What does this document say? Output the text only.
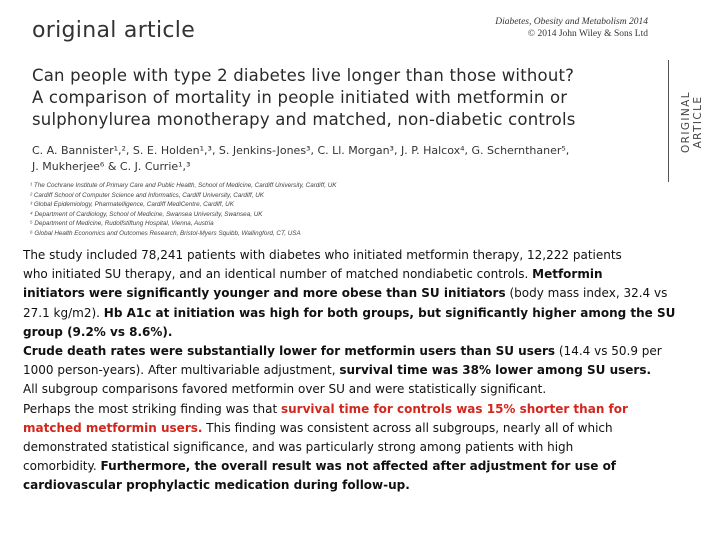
original article	Diabetes, Obesity and Metabolism 2014
© 2014 John Wiley & Sons Ltd
ORIGINAL ARTICLE
Can people with type 2 diabetes live longer than those without?
A comparison of mortality in people initiated with metformin or
sulphonylurea monotherapy and matched, non-diabetic controls
C. A. Bannister¹,², S. E. Holden¹,³, S. Jenkins-Jones³, C. Ll. Morgan³, J. P. Halcox⁴, G. Schernthaner⁵,
J. Mukherjee⁶ & C. J. Currie¹,³
¹ The Cochrane Institute of Primary Care and Public Health, School of Medicine, Cardiff University, Cardiff, UK
² Cardiff School of Computer Science and Informatics, Cardiff University, Cardiff, UK
³ Global Epidemiology, Pharmatelligence, Cardiff MediCentre, Cardiff, UK
⁴ Department of Cardiology, School of Medicine, Swansea University, Swansea, UK
⁵ Department of Medicine, Rudolfstiftung Hospital, Vienna, Austria
⁶ Global Health Economics and Outcomes Research, Bristol-Myers Squibb, Wallingford, CT, USA
The study included 78,241 patients with diabetes who initiated metformin therapy, 12,222 patients
who initiated SU therapy, and an identical number of matched nondiabetic controls. Metformin
initiators were significantly younger and more obese than SU initiators (body mass index, 32.4 vs
27.1 kg/m2). Hb A1c at initiation was high for both groups, but significantly higher among the SU
group (9.2% vs 8.6%).
Crude death rates were substantially lower for metformin users than SU users (14.4 vs 50.9 per
1000 person-years). After multivariable adjustment, survival time was 38% lower among SU users.
All subgroup comparisons favored metformin over SU and were statistically significant.
Perhaps the most striking finding was that survival time for controls was 15% shorter than for
matched metformin users. This finding was consistent across all subgroups, nearly all of which
demonstrated statistical significance, and was particularly strong among patients with high
comorbidity. Furthermore, the overall result was not affected after adjustment for use of
cardiovascular prophylactic medication during follow-up.
